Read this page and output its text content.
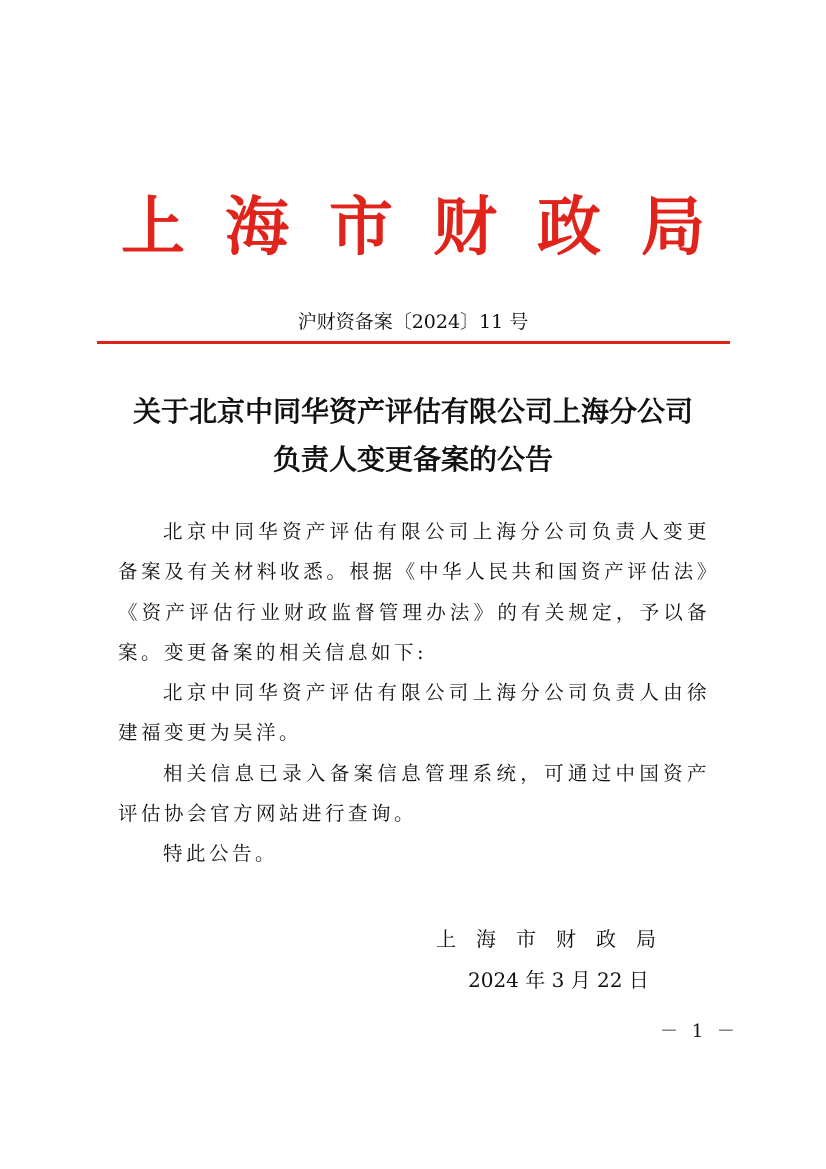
上海市财政局
沪财资备案〔2024〕11 号
关于北京中同华资产评估有限公司上海分公司
负责人变更备案的公告

北京中同华资产评估有限公司上海分公司负责人变更备案及有关材料收悉。根据《中华人民共和国资产评估法》《资产评估行业财政监督管理办法》的有关规定，予以备案。变更备案的相关信息如下:

北京中同华资产评估有限公司上海分公司负责人由徐建福变更为吴洋。

相关信息已录入备案信息管理系统，可通过中国资产评估协会官方网站进行查询。

特此公告。

上海市财政局
2024 年 3 月 22 日
－ 1 －
